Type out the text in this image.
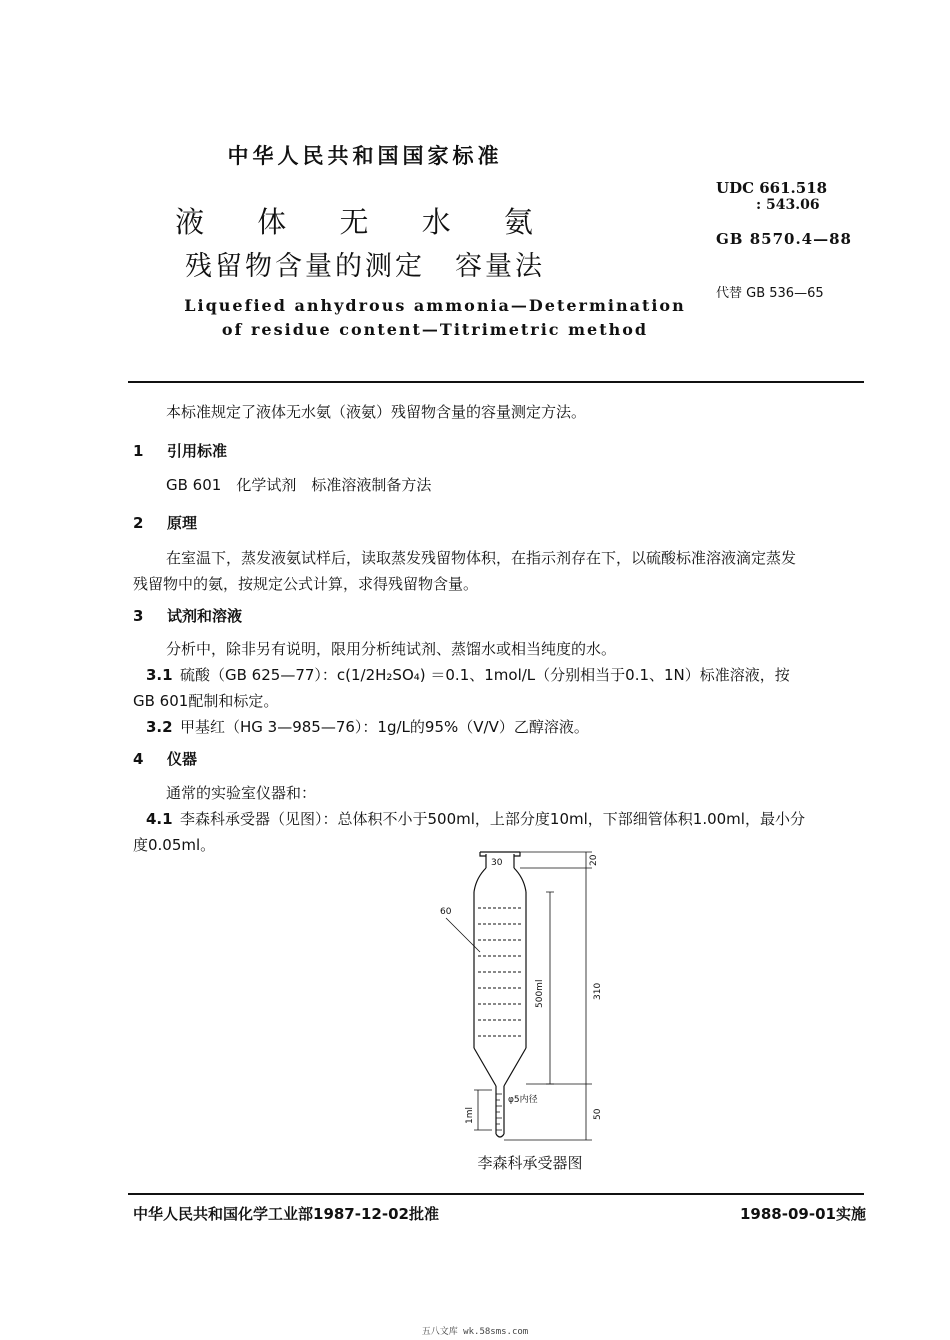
中华人民共和国国家标准
液 体 无 水 氨
残留物含量的测定　容量法
Liquefied anhydrous ammonia—Determination
of residue content—Titrimetric method
UDC 661.518
: 543.06
GB 8570.4—88
代替 GB 536—65
本标准规定了液体无水氨（液氨）残留物含量的容量测定方法。
1 引用标准
GB 601　化学试剂　标准溶液制备方法
2 原理
在室温下，蒸发液氨试样后，读取蒸发残留物体积，在指示剂存在下，以硫酸标准溶液滴定蒸发
残留物中的氨，按规定公式计算，求得残留物含量。
3 试剂和溶液
分析中，除非另有说明，限用分析纯试剂、蒸馏水或相当纯度的水。
3.1 硫酸（GB 625—77）：c(1/2H₂SO₄) ＝0.1、1mol/L（分别相当于0.1、1N）标准溶液，按
GB 601配制和标定。
3.2 甲基红（HG 3—985—76）：1g/L的95%（V/V）乙醇溶液。
4 仪器
通常的实验室仪器和：
4.1 李森科承受器（见图）：总体积不小于500ml，上部分度10ml，下部细管体积1.00ml，最小分
度0.05ml。
30	20
60
500ml	310
φ5内径
1ml	50
李森科承受器图
中华人民共和国化学工业部1987-12-02批准	1988-09-01实施
五八文库 wk.58sms.com
